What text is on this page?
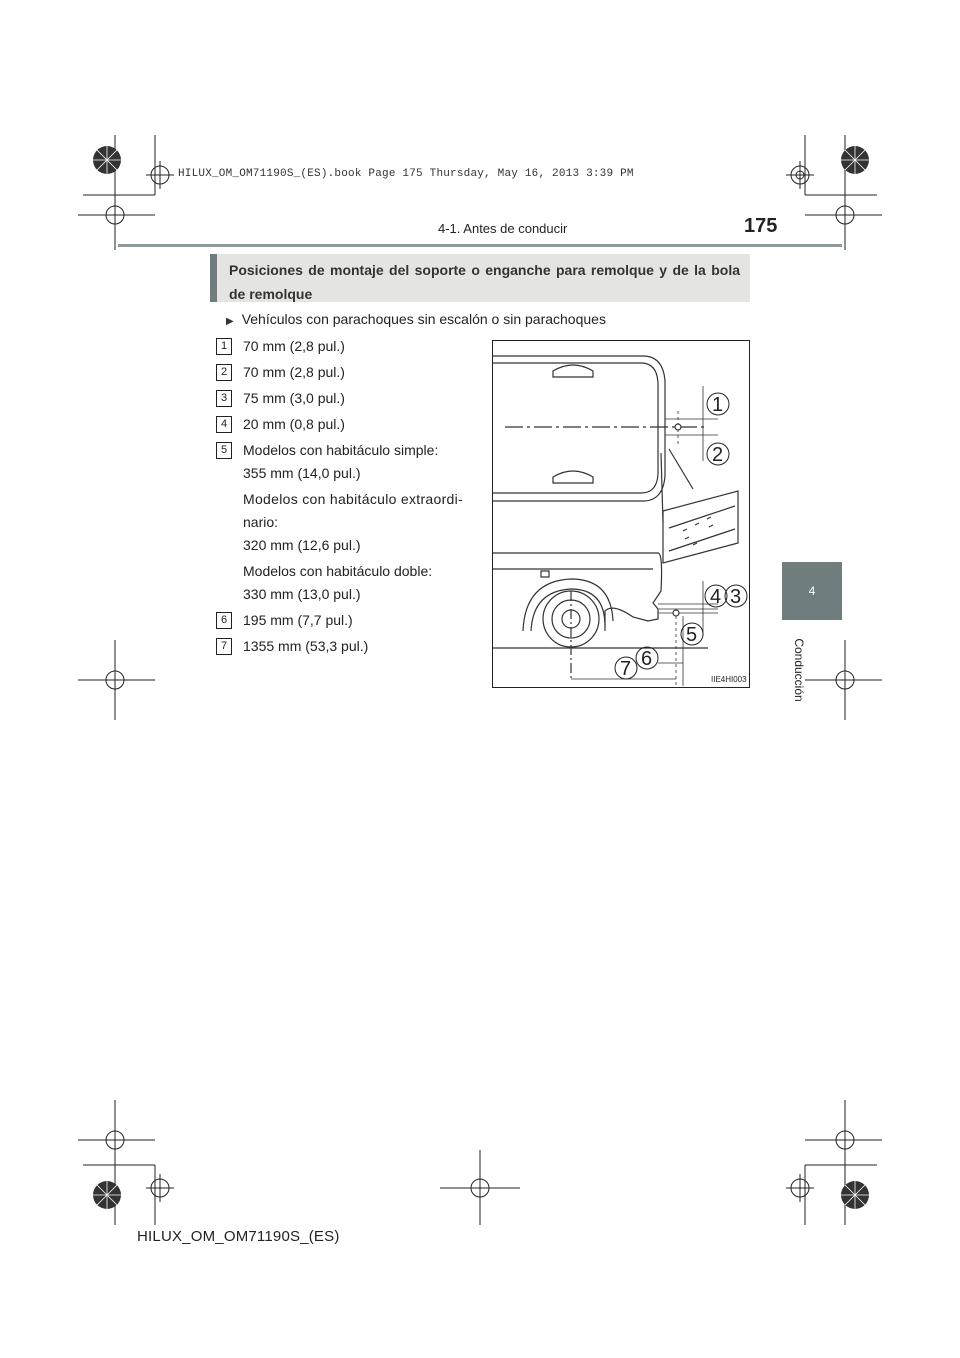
HILUX_OM_OM71190S_(ES).book Page 175 Thursday, May 16, 2013 3:39 PM
4-1. Antes de conducir	175
4
Conducción
Posiciones de montaje del soporte o enganche para remolque y de la bola de remolque
▶ Vehículos con parachoques sin escalón o sin parachoques
1	70 mm (2,8 pul.)
2	70 mm (2,8 pul.)
3	75 mm (3,0 pul.)
4	20 mm (0,8 pul.)
5	Modelos con habitáculo simple:
355 mm (14,0 pul.)
Modelos con habitáculo extraordi-
nario:
320 mm (12,6 pul.)
Modelos con habitáculo doble:
330 mm (13,0 pul.)
6	195 mm (7,7 pul.)
7	1355 mm (53,3 pul.)
1
2
3
4
5
6
7	IIE4HI003
HILUX_OM_OM71190S_(ES)
